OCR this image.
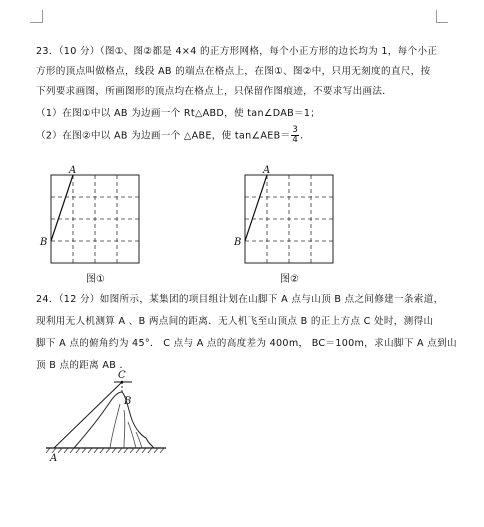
23．（10 分）（图①、图②都是 4×4 的正方形网格，每个小正方形的边长均为 1，每个小正
方形的顶点叫做格点，线段 AB 的端点在格点上，在图①、图②中，只用无刻度的直尺，按
下列要求画图，所画图形的顶点均在格点上，只保留作图痕迹，不要求写出画法．
（1）在图①中以 AB 为边画一个 Rt△ABD，使 tan∠DAB＝1；
（2）在图②中以 AB 为边画一个 △ABE，使 tan∠AEB＝ $\frac{3}{4}$ ．
A
B
图①
A
B
图②
24．（12 分）如图所示，某集团的项目组计划在山脚下 A 点与山顶 B 点之间修建一条索道，
现利用无人机测算 A 、B 两点间的距离．无人机飞至山顶点 B 的正上方点 C 处时，测得山
脚下 A 点的俯角约为 45°． C 点与 A 点的高度差为 400m， BC＝100m，求山脚下 A 点到山
顶 B 点的距离 AB ．
C
B
A
